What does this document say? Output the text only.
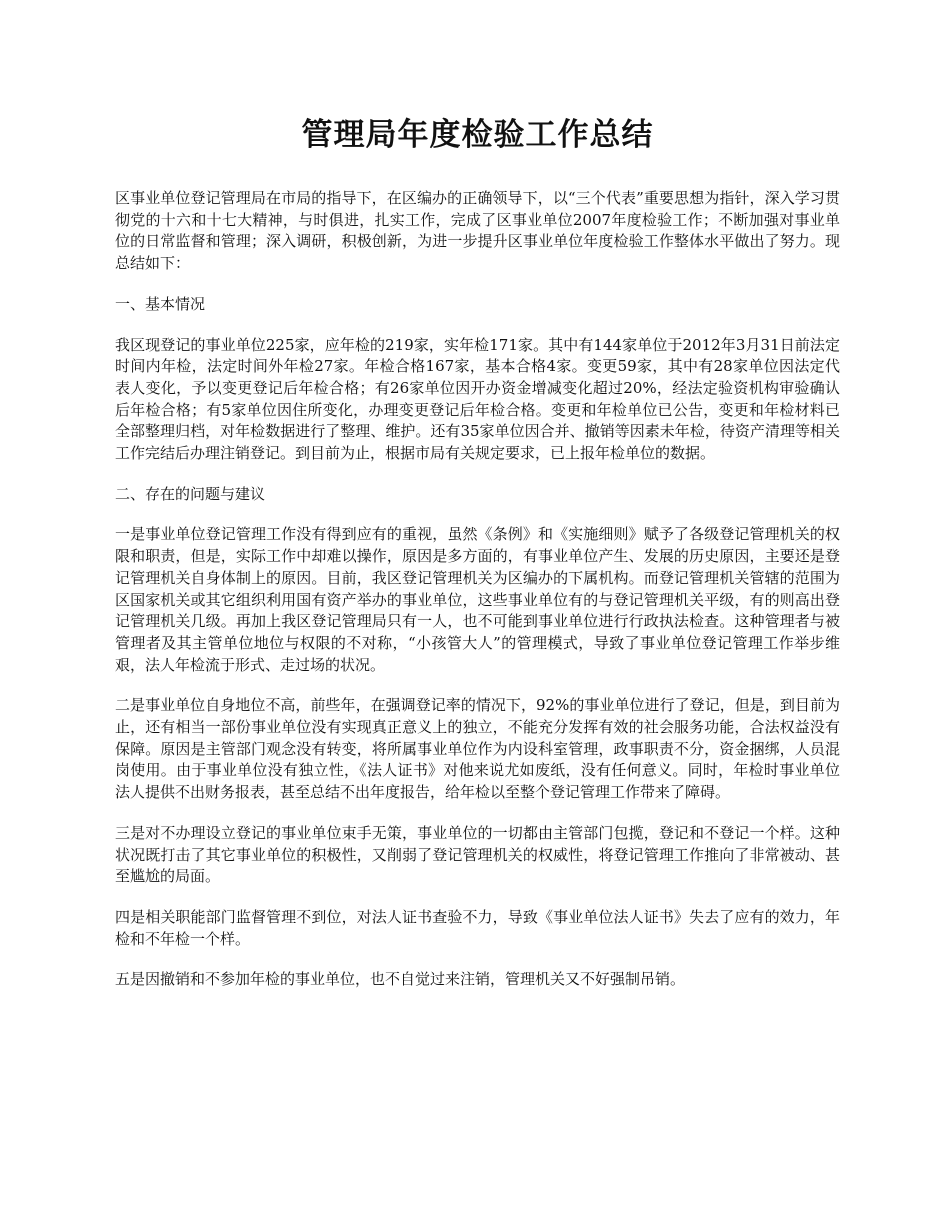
管理局年度检验工作总结

区事业单位登记管理局在市局的指导下，在区编办的正确领导下，以“三个代表”重要思想为指针，深入学习贯彻党的十六和十七大精神，与时俱进，扎实工作，完成了区事业单位2007年度检验工作；不断加强对事业单位的日常监督和管理；深入调研，积极创新，为进一步提升区事业单位年度检验工作整体水平做出了努力。现总结如下：

一、基本情况

我区现登记的事业单位225家，应年检的219家，实年检171家。其中有144家单位于2012年3月31日前法定时间内年检，法定时间外年检27家。年检合格167家，基本合格4家。变更59家，其中有28家单位因法定代表人变化，予以变更登记后年检合格；有26家单位因开办资金增减变化超过20%，经法定验资机构审验确认后年检合格；有5家单位因住所变化，办理变更登记后年检合格。变更和年检单位已公告，变更和年检材料已全部整理归档，对年检数据进行了整理、维护。还有35家单位因合并、撤销等因素未年检，待资产清理等相关工作完结后办理注销登记。到目前为止，根据市局有关规定要求，已上报年检单位的数据。

二、存在的问题与建议

一是事业单位登记管理工作没有得到应有的重视，虽然《条例》和《实施细则》赋予了各级登记管理机关的权限和职责，但是，实际工作中却难以操作，原因是多方面的，有事业单位产生、发展的历史原因，主要还是登记管理机关自身体制上的原因。目前，我区登记管理机关为区编办的下属机构。而登记管理机关管辖的范围为区国家机关或其它组织利用国有资产举办的事业单位，这些事业单位有的与登记管理机关平级，有的则高出登记管理机关几级。再加上我区登记管理局只有一人，也不可能到事业单位进行行政执法检查。这种管理者与被管理者及其主管单位地位与权限的不对称，“小孩管大人”的管理模式，导致了事业单位登记管理工作举步维艰，法人年检流于形式、走过场的状况。

二是事业单位自身地位不高，前些年，在强调登记率的情况下，92%的事业单位进行了登记，但是，到目前为止，还有相当一部份事业单位没有实现真正意义上的独立，不能充分发挥有效的社会服务功能，合法权益没有保障。原因是主管部门观念没有转变，将所属事业单位作为内设科室管理，政事职责不分，资金捆绑，人员混岗使用。由于事业单位没有独立性，《法人证书》对他来说尤如废纸，没有任何意义。同时，年检时事业单位法人提供不出财务报表，甚至总结不出年度报告，给年检以至整个登记管理工作带来了障碍。

三是对不办理设立登记的事业单位束手无策，事业单位的一切都由主管部门包揽，登记和不登记一个样。这种状况既打击了其它事业单位的积极性，又削弱了登记管理机关的权威性，将登记管理工作推向了非常被动、甚至尴尬的局面。

四是相关职能部门监督管理不到位，对法人证书查验不力，导致《事业单位法人证书》失去了应有的效力，年检和不年检一个样。

五是因撤销和不参加年检的事业单位，也不自觉过来注销，管理机关又不好强制吊销。
